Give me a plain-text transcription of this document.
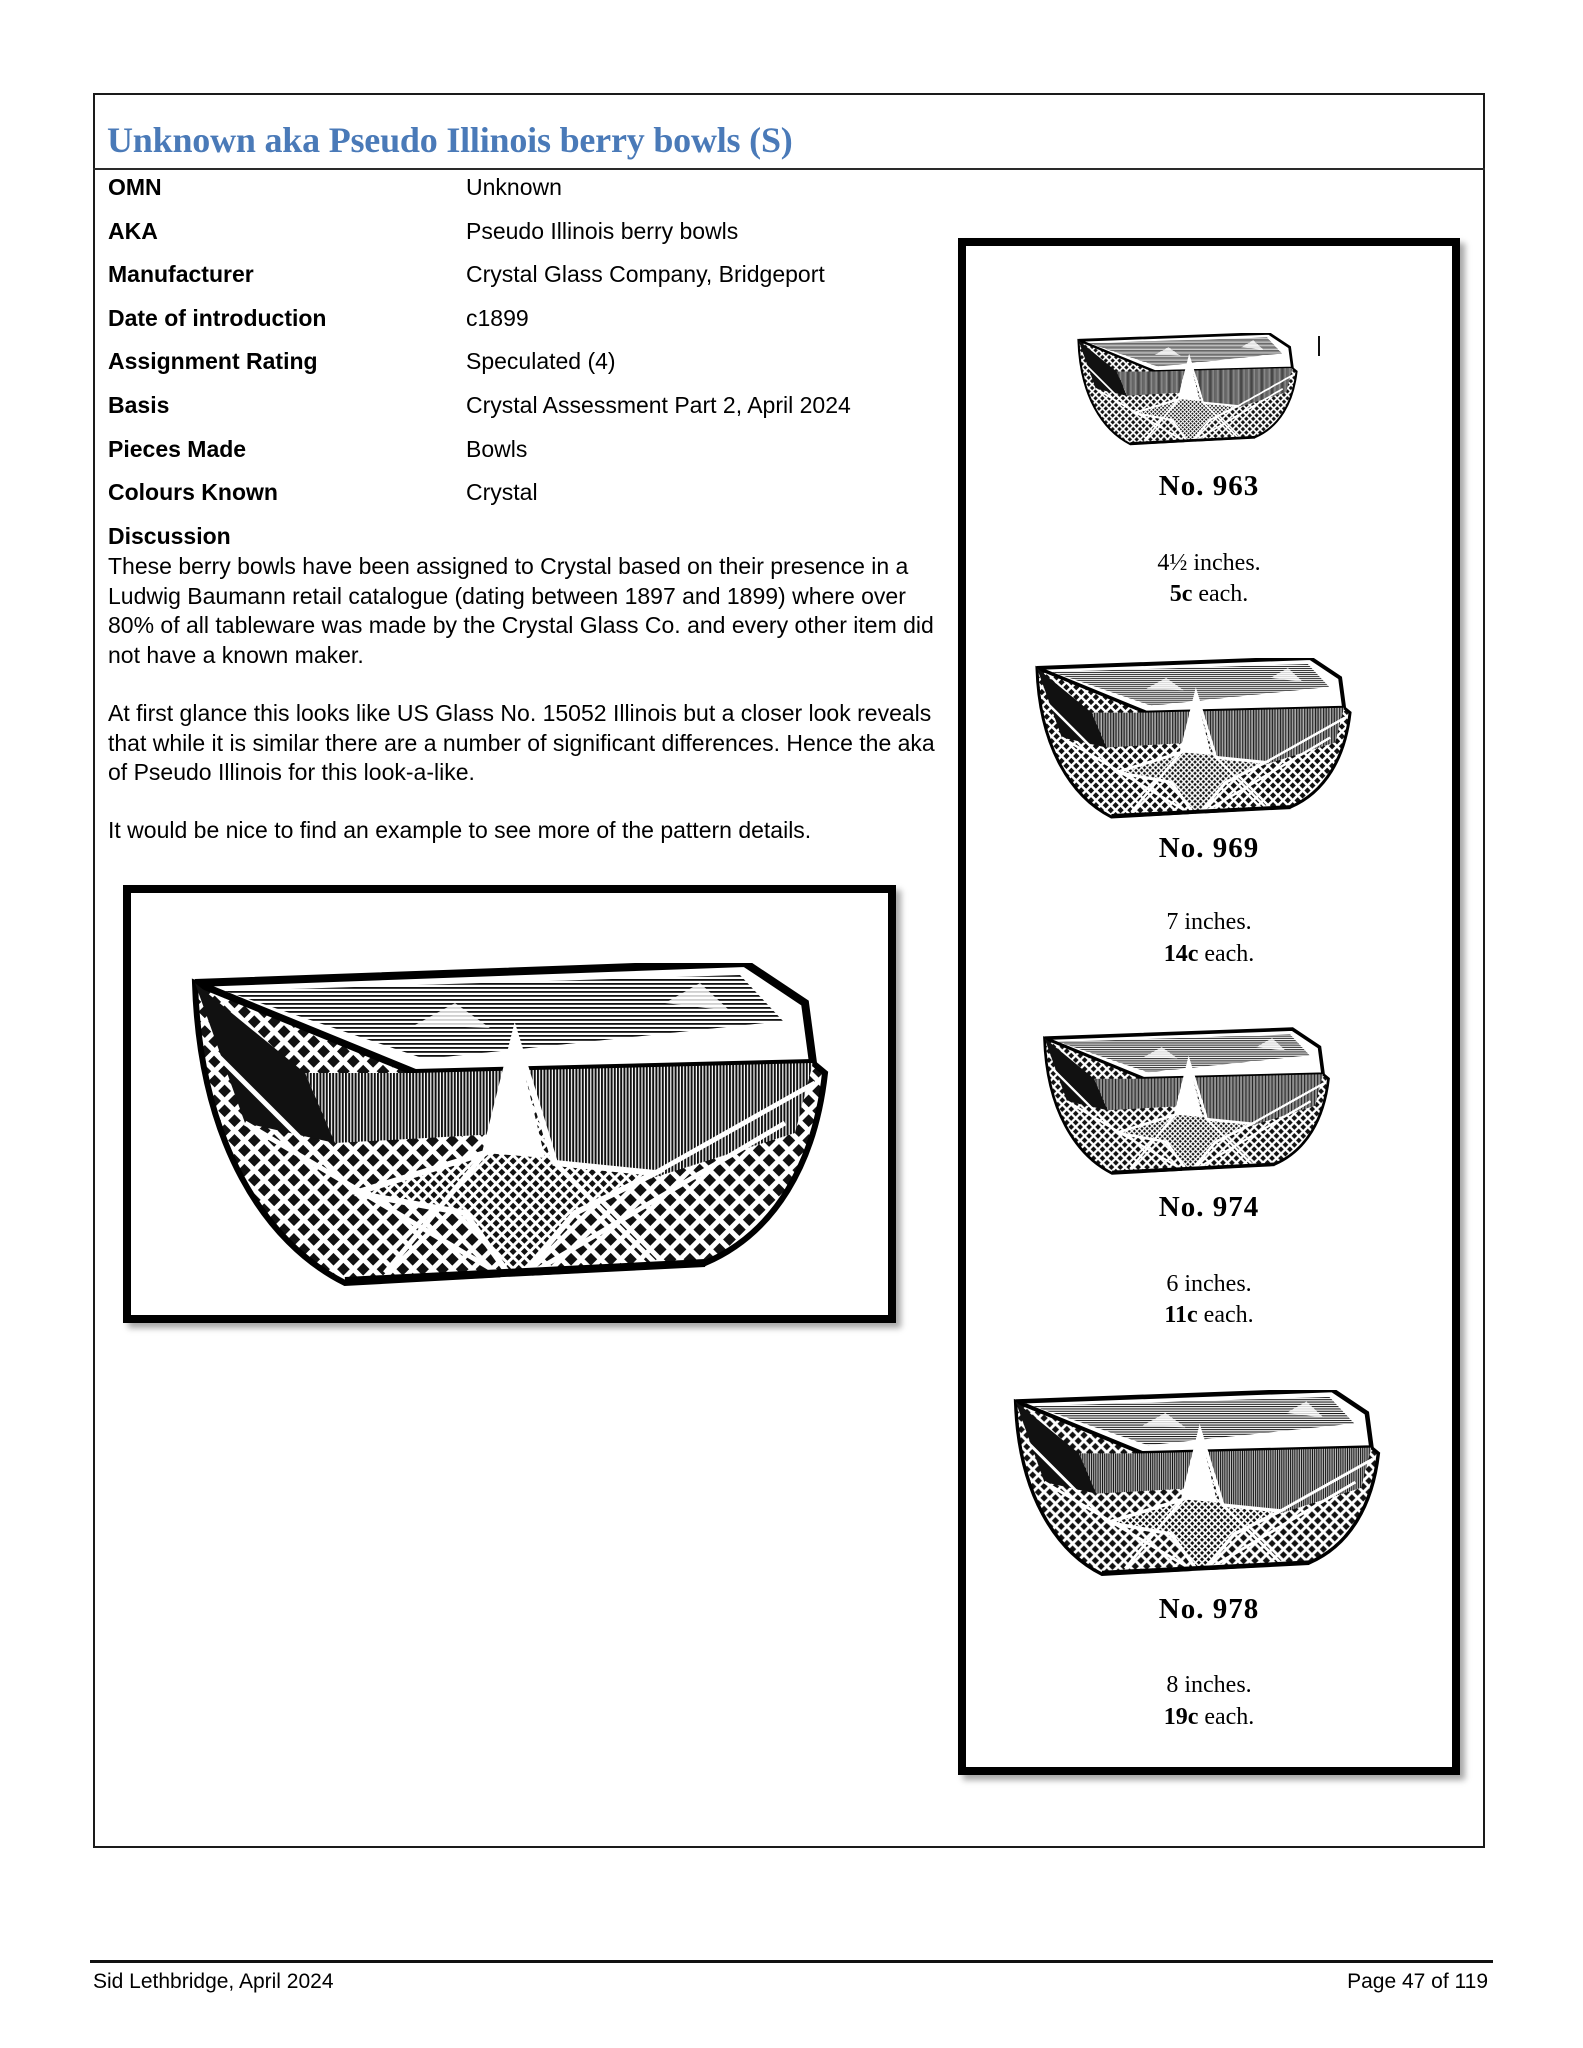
Unknown aka Pseudo Illinois berry bowls (S)
OMN	Unknown
AKA	Pseudo Illinois berry bowls
Manufacturer	Crystal Glass Company, Bridgeport
Date of introduction	c1899
Assignment Rating	Speculated (4)
Basis	Crystal Assessment Part 2, April 2024
Pieces Made	Bowls
Colours Known	Crystal
Discussion
These berry bowls have been assigned to Crystal based on their presence in a Ludwig Baumann retail catalogue (dating between 1897 and 1899) where over 80% of all tableware was made by the Crystal Glass Co. and every other item did not have a known maker.
At first glance this looks like US Glass No. 15052 Illinois but a closer look reveals that while it is similar there are a number of significant differences. Hence the aka of Pseudo Illinois for this look-a-like.
It would be nice to find an example to see more of the pattern details.
No. 963
4½ inches.
5c each.
No. 969
7 inches.
14c each.
No. 974
6 inches.
11c each.
No. 978
8 inches.
19c each.
Sid Lethbridge, April 2024	Page 47 of 119
